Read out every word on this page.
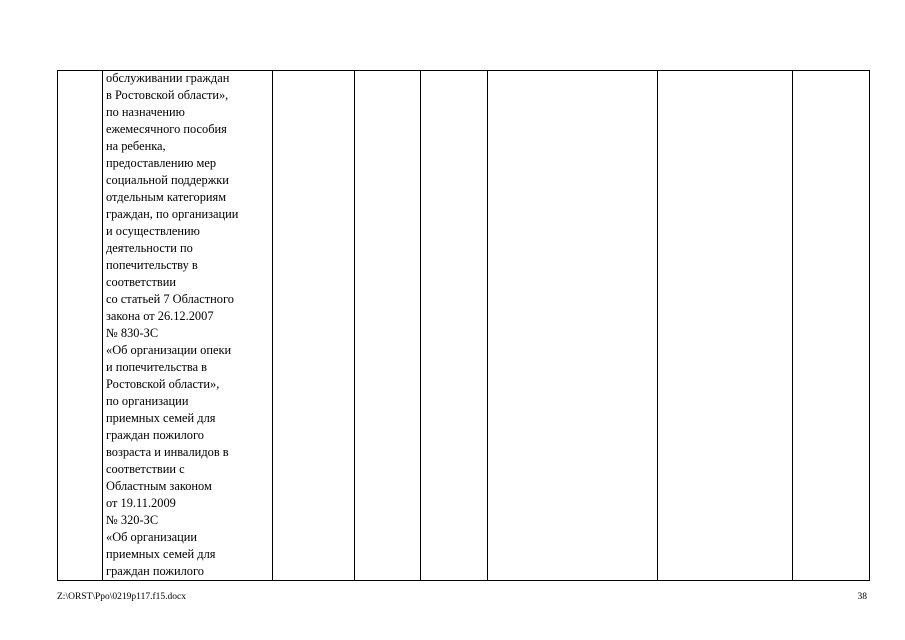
обслуживании граждан
в Ростовской области»,
по назначению
ежемесячного пособия
на ребенка,
предоставлению мер
социальной поддержки
отдельным категориям
граждан, по организации
и осуществлению
деятельности по
попечительству в
соответствии
со статьей 7 Областного
закона от 26.12.2007
№ 830-ЗС
«Об организации опеки
и попечительства в
Ростовской области»,
по организации
приемных семей для
граждан пожилого
возраста и инвалидов в
соответствии с
Областным законом
от 19.11.2009
№ 320-ЗС
«Об организации
приемных семей для
граждан пожилого

Z:\ORST\Ppo\0219p117.f15.docx	38
